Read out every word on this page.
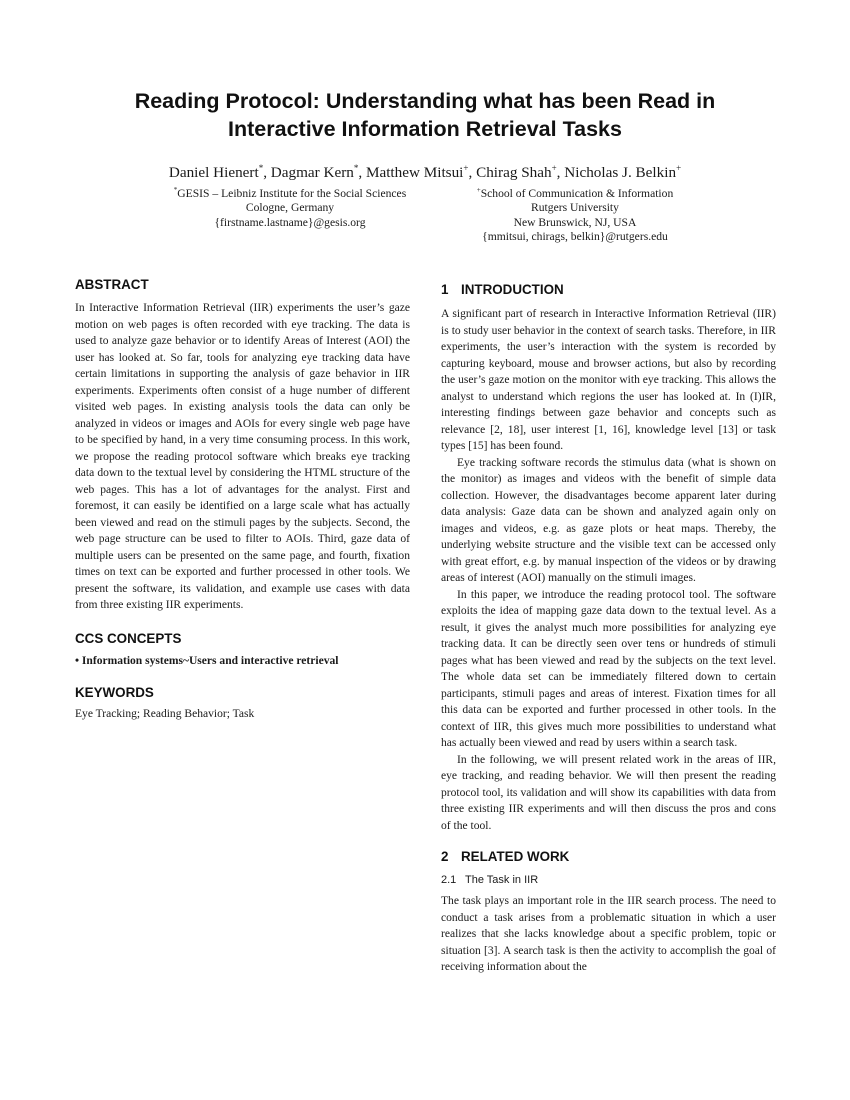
Reading Protocol: Understanding what has been Read in
Interactive Information Retrieval Tasks
Daniel Hienert*, Dagmar Kern*, Matthew Mitsui+, Chirag Shah+, Nicholas J. Belkin+
*GESIS – Leibniz Institute for the Social Sciences
Cologne, Germany
{firstname.lastname}@gesis.org
+School of Communication & Information
Rutgers University
New Brunswick, NJ, USA
{mmitsui, chirags, belkin}@rutgers.edu
ABSTRACT

In Interactive Information Retrieval (IIR) experiments the user’s gaze motion on web pages is often recorded with eye tracking. The data is used to analyze gaze behavior or to identify Areas of Interest (AOI) the user has looked at. So far, tools for analyzing eye tracking data have certain limitations in supporting the analysis of gaze behavior in IIR experiments. Experiments often consist of a huge number of different visited web pages. In existing analysis tools the data can only be analyzed in videos or images and AOIs for every single web page have to be specified by hand, in a very time consuming process. In this work, we propose the reading protocol software which breaks eye tracking data down to the textual level by considering the HTML structure of the web pages. This has a lot of advantages for the analyst. First and foremost, it can easily be identified on a large scale what has actually been viewed and read on the stimuli pages by the subjects. Second, the web page structure can be used to filter to AOIs. Third, gaze data of multiple users can be presented on the same page, and fourth, fixation times on text can be exported and further processed in other tools. We present the software, its validation, and example use cases with data from three existing IIR experiments.

CCS CONCEPTS

• Information systems~Users and interactive retrieval

KEYWORDS

Eye Tracking; Reading Behavior; Task

1 INTRODUCTION

A significant part of research in Interactive Information Retrieval (IIR) is to study user behavior in the context of search tasks. Therefore, in IIR experiments, the user’s interaction with the system is recorded by capturing keyboard, mouse and browser actions, but also by recording the user’s gaze motion on the monitor with eye tracking. This allows the analyst to understand which regions the user has looked at. In (I)IR, interesting findings between gaze behavior and concepts such as relevance [2, 18], user interest [1, 16], knowledge level [13] or task types [15] has been found.

Eye tracking software records the stimulus data (what is shown on the monitor) as images and videos with the benefit of simple data collection. However, the disadvantages become apparent later during data analysis: Gaze data can be shown and analyzed again only on images and videos, e.g. as gaze plots or heat maps. Thereby, the underlying website structure and the visible text can be accessed only with great effort, e.g. by manual inspection of the videos or by drawing areas of interest (AOI) manually on the stimuli images.

In this paper, we introduce the reading protocol tool. The software exploits the idea of mapping gaze data down to the textual level. As a result, it gives the analyst much more possibilities for analyzing eye tracking data. It can be directly seen over tens or hundreds of stimuli pages what has been viewed and read by the subjects on the text level. The whole data set can be immediately filtered down to certain participants, stimuli pages and areas of interest. Fixation times for all this data can be exported and further processed in other tools. In the context of IIR, this gives much more possibilities to understand what has actually been viewed and read by users within a search task.

In the following, we will present related work in the areas of IIR, eye tracking, and reading behavior. We will then present the reading protocol tool, its validation and will show its capabilities with data from three existing IIR experiments and will then discuss the pros and cons of the tool.

2 RELATED WORK
2.1 The Task in IIR

The task plays an important role in the IIR search process. The need to conduct a task arises from a problematic situation in which a user realizes that she lacks knowledge about a specific problem, topic or situation [3]. A search task is then the activity to accomplish the goal of receiving information about the
